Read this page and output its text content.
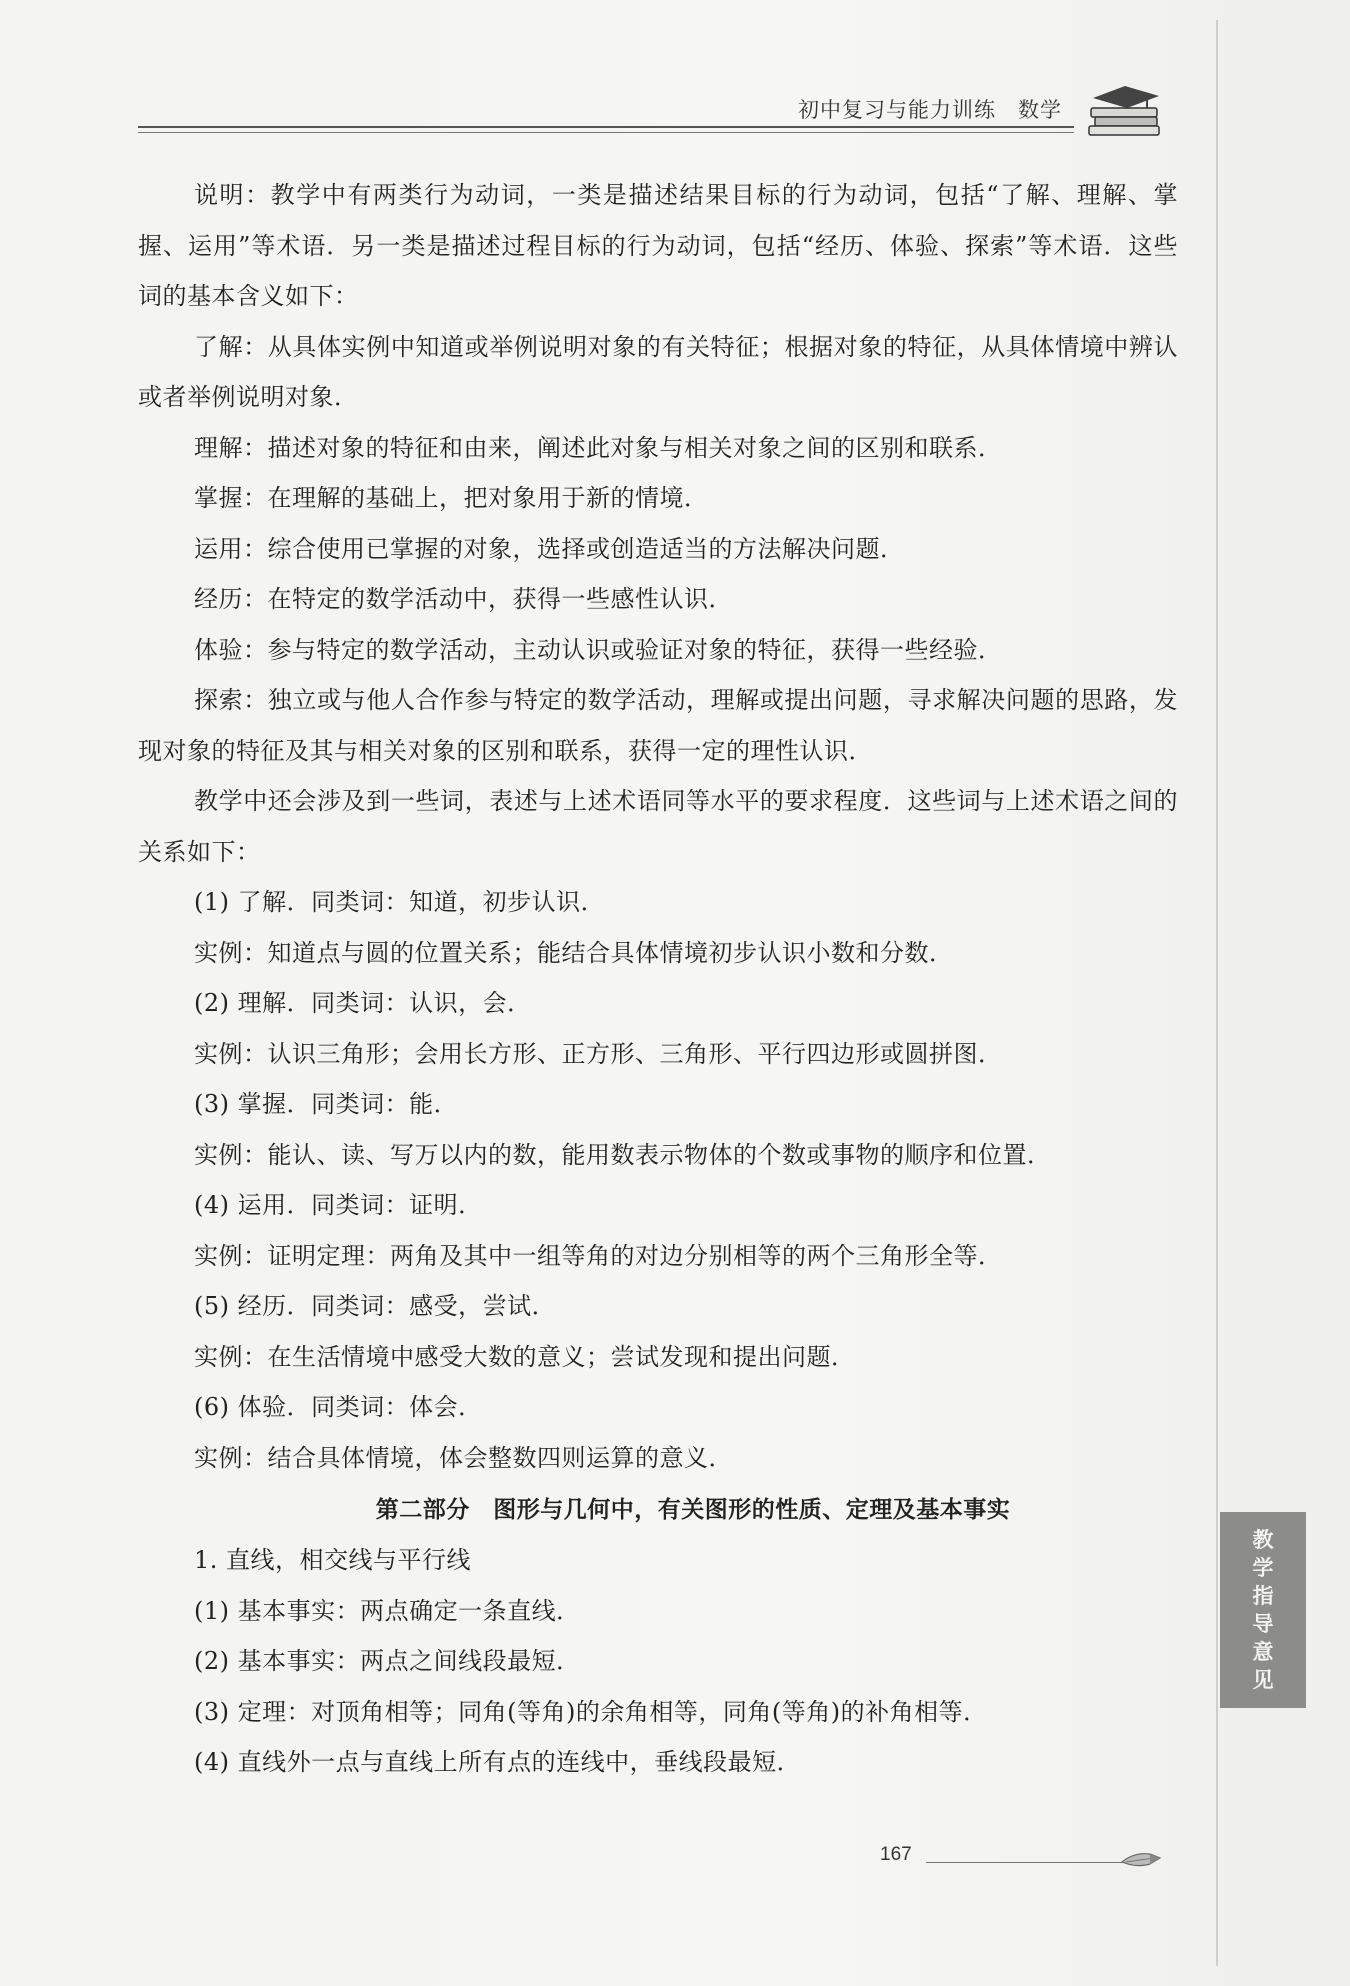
初中复习与能力训练 数学

说明：教学中有两类行为动词，一类是描述结果目标的行为动词，包括“了解、理解、掌握、运用”等术语．另一类是描述过程目标的行为动词，包括“经历、体验、探索”等术语．这些词的基本含义如下：

了解：从具体实例中知道或举例说明对象的有关特征；根据对象的特征，从具体情境中辨认或者举例说明对象．

理解：描述对象的特征和由来，阐述此对象与相关对象之间的区别和联系．

掌握：在理解的基础上，把对象用于新的情境．

运用：综合使用已掌握的对象，选择或创造适当的方法解决问题．

经历：在特定的数学活动中，获得一些感性认识．

体验：参与特定的数学活动，主动认识或验证对象的特征，获得一些经验．

探索：独立或与他人合作参与特定的数学活动，理解或提出问题，寻求解决问题的思路，发现对象的特征及其与相关对象的区别和联系，获得一定的理性认识．

教学中还会涉及到一些词，表述与上述术语同等水平的要求程度．这些词与上述术语之间的关系如下：

(1) 了解．同类词：知道，初步认识．

实例：知道点与圆的位置关系；能结合具体情境初步认识小数和分数．

(2) 理解．同类词：认识，会．

实例：认识三角形；会用长方形、正方形、三角形、平行四边形或圆拼图．

(3) 掌握．同类词：能．

实例：能认、读、写万以内的数，能用数表示物体的个数或事物的顺序和位置．

(4) 运用．同类词：证明．

实例：证明定理：两角及其中一组等角的对边分别相等的两个三角形全等．

(5) 经历．同类词：感受，尝试．

实例：在生活情境中感受大数的意义；尝试发现和提出问题．

(6) 体验．同类词：体会．

实例：结合具体情境，体会整数四则运算的意义．

第二部分　图形与几何中，有关图形的性质、定理及基本事实

1. 直线，相交线与平行线

(1) 基本事实：两点确定一条直线．

(2) 基本事实：两点之间线段最短．

(3) 定理：对顶角相等；同角(等角)的余角相等，同角(等角)的补角相等．

(4) 直线外一点与直线上所有点的连线中，垂线段最短．

教
学
指
导
意
见
167
